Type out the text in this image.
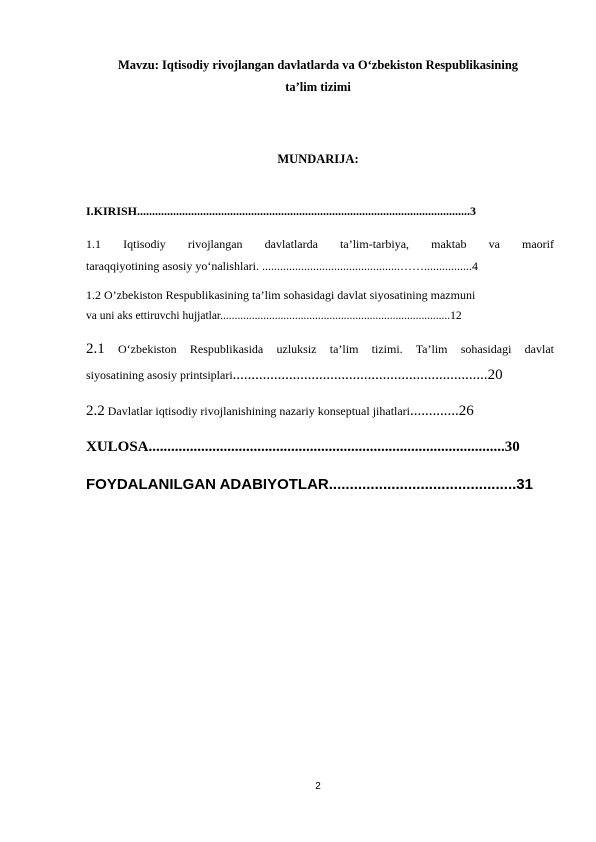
Mavzu: Iqtisodiy rivojlangan davlatlarda va O‘zbekiston Respublikasining
ta’lim tizimi
MUNDARIJA:
I.KIRISH...............................................................................................................3
1.1 Iqtisodiy rivojlangan davlatlarda ta’lim-tarbiya, maktab va maorif
taraqqiyotining asosiy yo‘nalishlari. ..............................................……................4
1.2 O’zbekiston Respublikasining ta’lim sohasidagi davlat siyosatining mazmuni
va uni aks ettiruvchi hujjatlar................................................................................12
2.1 O‘zbekiston Respublikasida uzluksiz ta’lim tizimi. Ta’lim sohasidagi davlat
siyosatining asosiy printsiplari....................................................................20
2.2 Davlatlar iqtisodiy rivojlanishining nazariy konseptual jihatlari.............26
XULOSA...............................................................................................30
FOYDALANILGAN ADABIYOTLAR.............................................31
2
